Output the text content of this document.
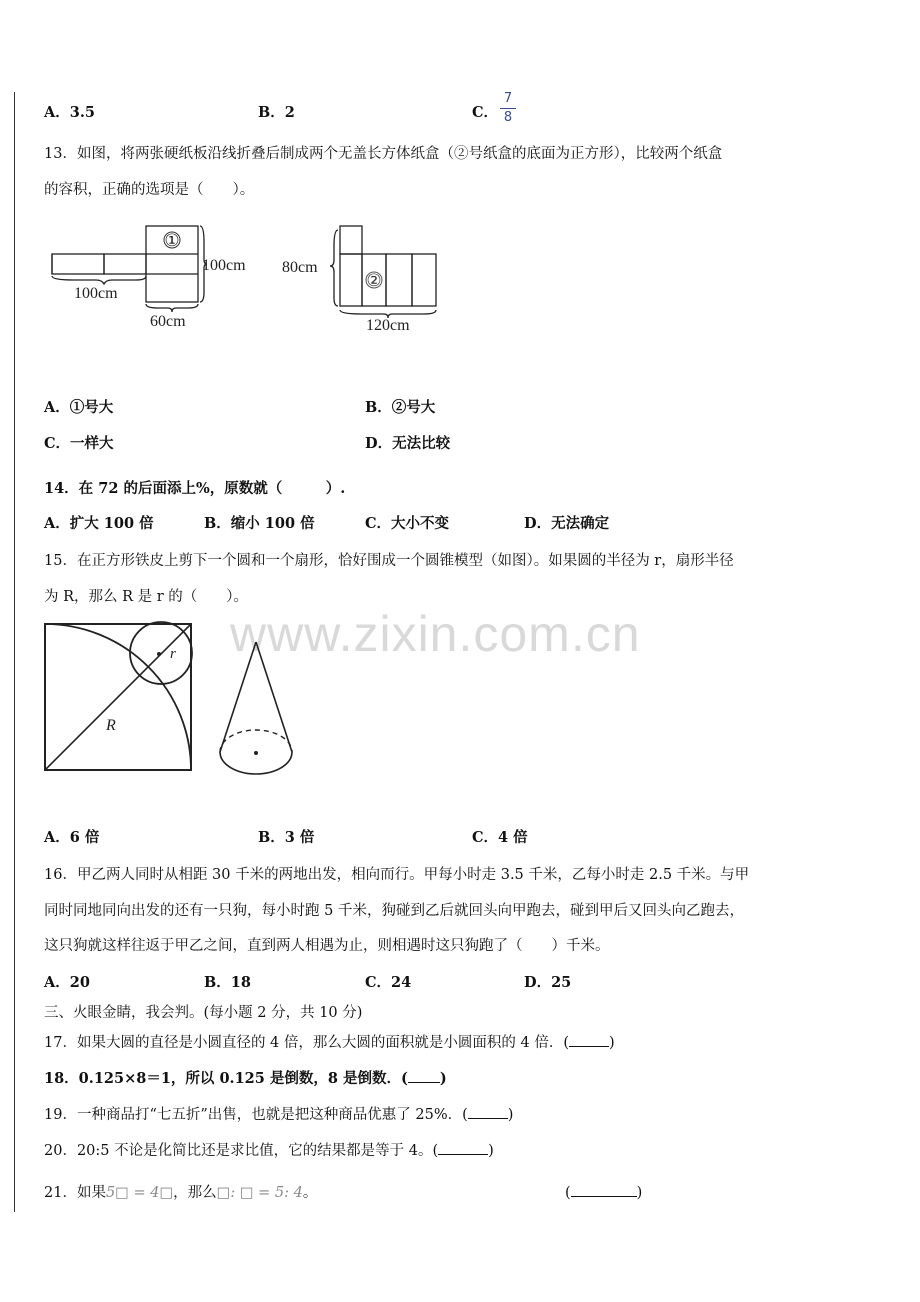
A．3.5	B．2	C．
7
8
13．如图，将两张硬纸板沿线折叠后制成两个无盖长方体纸盒（②号纸盒的底面为正方形），比较两个纸盒
的容积，正确的选项是（　　）。
①
100cm
100cm
60cm
②
80cm
120cm
A．①号大	B．②号大
C．一样大	D．无法比较
14．在 72 的后面添上%，原数就（　　　）.
A．扩大 100 倍	B．缩小 100 倍	C．大小不变	D．无法确定
15．在正方形铁皮上剪下一个圆和一个扇形，恰好围成一个圆锥模型（如图）。如果圆的半径为 r，扇形半径
为 R，那么 R 是 r 的（　　）。
www.zixin.com.cn
r
R
A．6 倍	B．3 倍	C．4 倍
16．甲乙两人同时从相距 30 千米的两地出发，相向而行。甲每小时走 3.5 千米，乙每小时走 2.5 千米。与甲
同时同地同向出发的还有一只狗，每小时跑 5 千米，狗碰到乙后就回头向甲跑去，碰到甲后又回头向乙跑去，
这只狗就这样往返于甲乙之间，直到两人相遇为止，则相遇时这只狗跑了（　　）千米。
A．20	B．18	C．24	D．25
三、火眼金睛，我会判。(每小题 2 分，共 10 分)
17．如果大圆的直径是小圆直径的 4 倍，那么大圆的面积就是小圆面积的 4 倍．(	)
18．0.125×8＝1，所以 0.125 是倒数，8 是倒数．( )
19．一种商品打“七五折”出售，也就是把这种商品优惠了 25%．(	)
20．20:5 不论是化简比还是求比值，它的结果都是等于 4。(	)
21．如果5□ = 4□，那么□: □ = 5: 4。	(	)
